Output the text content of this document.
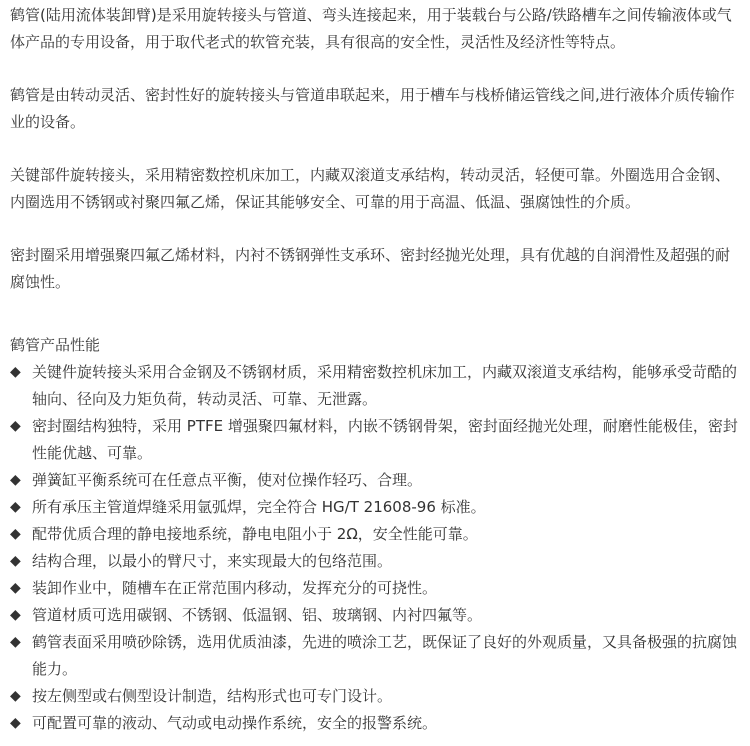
鹤管(陆用流体装卸臂)是采用旋转接头与管道、弯头连接起来，用于装载台与公路/铁路槽车之间传输液体或气体产品的专用设备，用于取代老式的软管充装，具有很高的安全性，灵活性及经济性等特点。

鹤管是由转动灵活、密封性好的旋转接头与管道串联起来，用于槽车与栈桥储运管线之间,进行液体介质传输作业的设备。

关键部件旋转接头，采用精密数控机床加工，内藏双滚道支承结构，转动灵活，轻便可靠。外圈选用合金钢、内圈选用不锈钢或衬聚四氟乙烯，保证其能够安全、可靠的用于高温、低温、强腐蚀性的介质。

密封圈采用增强聚四氟乙烯材料，内衬不锈钢弹性支承环、密封经抛光处理，具有优越的自润滑性及超强的耐腐蚀性。

鹤管产品性能

◆ 关键件旋转接头采用合金钢及不锈钢材质，采用精密数控机床加工，内藏双滚道支承结构，能够承受苛酷的轴向、径向及力矩负荷，转动灵活、可靠、无泄露。
◆ 密封圈结构独特，采用 PTFE 增强聚四氟材料，内嵌不锈钢骨架，密封面经抛光处理，耐磨性能极佳，密封性能优越、可靠。
◆ 弹簧缸平衡系统可在任意点平衡，使对位操作轻巧、合理。
◆ 所有承压主管道焊缝采用氩弧焊，完全符合 HG/T 21608-96 标准。
◆ 配带优质合理的静电接地系统，静电电阻小于 2Ω，安全性能可靠。
◆ 结构合理，以最小的臂尺寸，来实现最大的包络范围。
◆ 装卸作业中，随槽车在正常范围内移动，发挥充分的可挠性。
◆ 管道材质可选用碳钢、不锈钢、低温钢、铝、玻璃钢、内衬四氟等。
◆ 鹤管表面采用喷砂除锈，选用优质油漆，先进的喷涂工艺，既保证了良好的外观质量，又具备极强的抗腐蚀能力。
◆ 按左侧型或右侧型设计制造，结构形式也可专门设计。
◆ 可配置可靠的液动、气动或电动操作系统，安全的报警系统。
